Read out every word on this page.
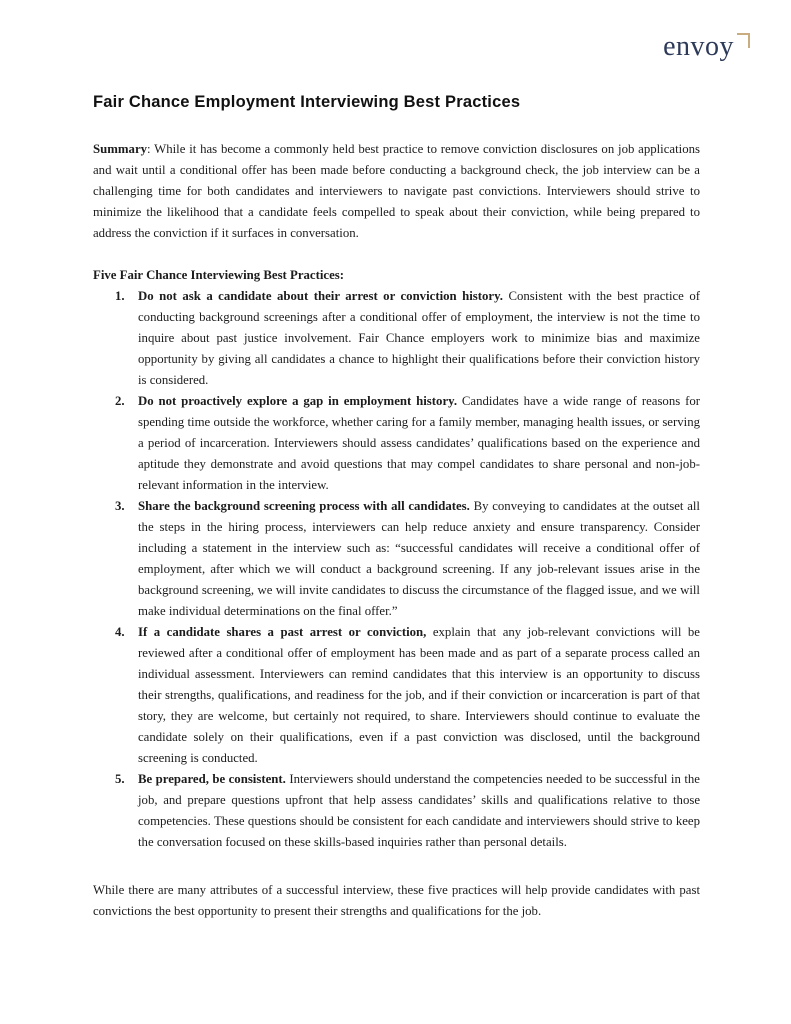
envoy
Fair Chance Employment Interviewing Best Practices

Summary: While it has become a commonly held best practice to remove conviction disclosures on job applications and wait until a conditional offer has been made before conducting a background check, the job interview can be a challenging time for both candidates and interviewers to navigate past convictions. Interviewers should strive to minimize the likelihood that a candidate feels compelled to speak about their conviction, while being prepared to address the conviction if it surfaces in conversation.

Five Fair Chance Interviewing Best Practices:
1.	Do not ask a candidate about their arrest or conviction history. Consistent with the best practice of conducting background screenings after a conditional offer of employment, the interview is not the time to inquire about past justice involvement. Fair Chance employers work to minimize bias and maximize opportunity by giving all candidates a chance to highlight their qualifications before their conviction history is considered.
2.	Do not proactively explore a gap in employment history. Candidates have a wide range of reasons for spending time outside the workforce, whether caring for a family member, managing health issues, or serving a period of incarceration. Interviewers should assess candidates’ qualifications based on the experience and aptitude they demonstrate and avoid questions that may compel candidates to share personal and non-job-relevant information in the interview.
3.	Share the background screening process with all candidates. By conveying to candidates at the outset all the steps in the hiring process, interviewers can help reduce anxiety and ensure transparency. Consider including a statement in the interview such as: “successful candidates will receive a conditional offer of employment, after which we will conduct a background screening. If any job-relevant issues arise in the background screening, we will invite candidates to discuss the circumstance of the flagged issue, and we will make individual determinations on the final offer.”
4.	If a candidate shares a past arrest or conviction, explain that any job-relevant convictions will be reviewed after a conditional offer of employment has been made and as part of a separate process called an individual assessment. Interviewers can remind candidates that this interview is an opportunity to discuss their strengths, qualifications, and readiness for the job, and if their conviction or incarceration is part of that story, they are welcome, but certainly not required, to share. Interviewers should continue to evaluate the candidate solely on their qualifications, even if a past conviction was disclosed, until the background screening is conducted.
5.	Be prepared, be consistent. Interviewers should understand the competencies needed to be successful in the job, and prepare questions upfront that help assess candidates’ skills and qualifications relative to those competencies. These questions should be consistent for each candidate and interviewers should strive to keep the conversation focused on these skills-based inquiries rather than personal details.

While there are many attributes of a successful interview, these five practices will help provide candidates with past convictions the best opportunity to present their strengths and qualifications for the job.
